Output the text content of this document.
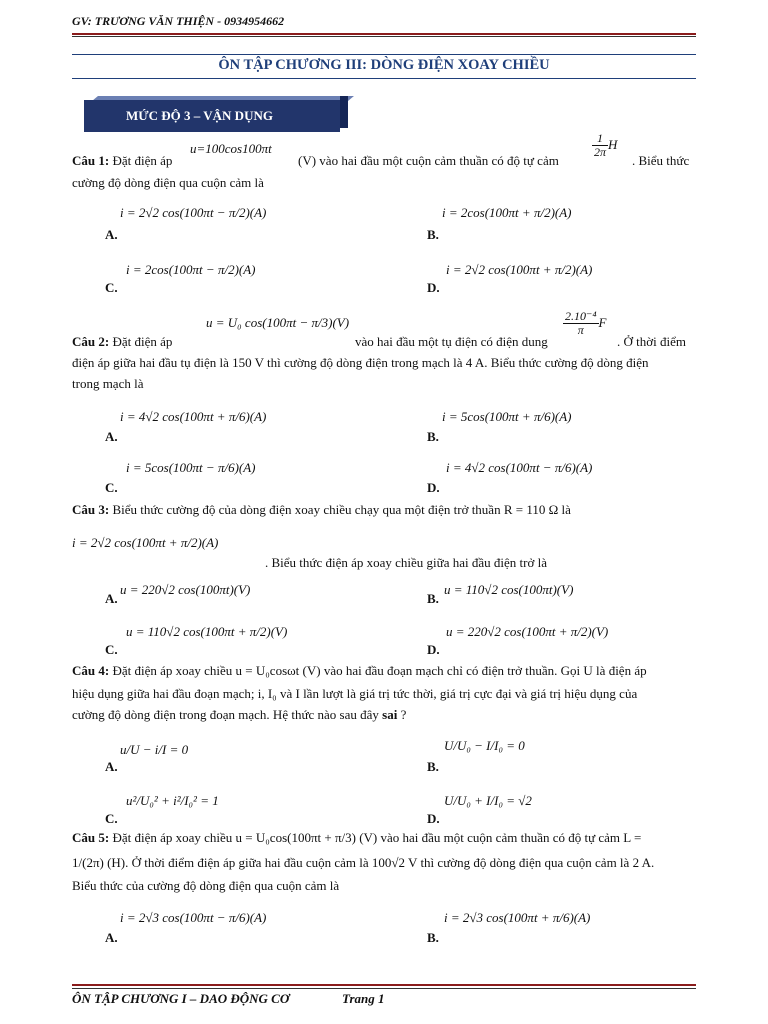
GV: TRƯƠNG VĂN THIỆN - 0934954662
ÔN TẬP CHƯƠNG III: DÒNG ĐIỆN XOAY CHIỀU
MỨC ĐỘ 3 – VẬN DỤNG
u=100cos100πt
Câu 1: Đặt điện áp	(V) vào hai đầu một cuộn cảm thuần có độ tự cảm
$\frac{1}{2\pi}$ H
. Biểu thức
cường độ dòng điện qua cuộn cảm là
i = 2√2 cos(100πt − π/2)(A)
A.
i = 2cos(100πt + π/2)(A)
B.
i = 2cos(100πt − π/2)(A)
C.
i = 2√2 cos(100πt + π/2)(A)
D.
u = U₀ cos(100πt − π/3)(V)
Câu 2: Đặt điện áp	vào hai đầu một tụ điện có điện dung
$\frac{\text{2.10⁻⁴}}{\pi}$ F
. Ở thời điểm
điện áp giữa hai đầu tụ điện là 150 V thì cường độ dòng điện trong mạch là 4 A. Biểu thức cường độ dòng điện
trong mạch là
i = 4√2 cos(100πt + π/6)(A)
A.
i = 5cos(100πt + π/6)(A)
B.
i = 5cos(100πt − π/6)(A)
C.
i = 4√2 cos(100πt − π/6)(A)
D.
Câu 3: Biểu thức cường độ của dòng điện xoay chiều chạy qua một điện trở thuần R = 110 Ω là
i = 2√2 cos(100πt + π/2)(A)
. Biểu thức điện áp xoay chiều giữa hai đầu điện trở là
u = 220√2 cos(100πt)(V)
A.
u = 110√2 cos(100πt)(V)
B.
u = 110√2 cos(100πt + π/2)(V)
C.
u = 220√2 cos(100πt + π/2)(V)
D.
Câu 4: Đặt điện áp xoay chiều u = U₀cosωt (V) vào hai đầu đoạn mạch chỉ có điện trở thuần. Gọi U là điện áp
hiệu dụng giữa hai đầu đoạn mạch; i, I₀ và I lần lượt là giá trị tức thời, giá trị cực đại và giá trị hiệu dụng của
cường độ dòng điện trong đoạn mạch. Hệ thức nào sau đây sai ?
u/U − i/I = 0
A.
U/U₀ − I/I₀ = 0
B.
u²/U₀² + i²/I₀² = 1
C.
U/U₀ + I/I₀ = √2
D.
Câu 5: Đặt điện áp xoay chiều u = U₀cos(100πt + π/3) (V) vào hai đầu một cuộn cảm thuần có độ tự cảm L =
1/(2π) (H). Ở thời điểm điện áp giữa hai đầu cuộn cảm là 100√2 V thì cường độ dòng điện qua cuộn cảm là 2 A.
Biểu thức của cường độ dòng điện qua cuộn cảm là
i = 2√3 cos(100πt − π/6)(A)
A.
i = 2√3 cos(100πt + π/6)(A)
B.
ÔN TẬP CHƯƠNG I – DAO ĐỘNG CƠ	Trang 1
